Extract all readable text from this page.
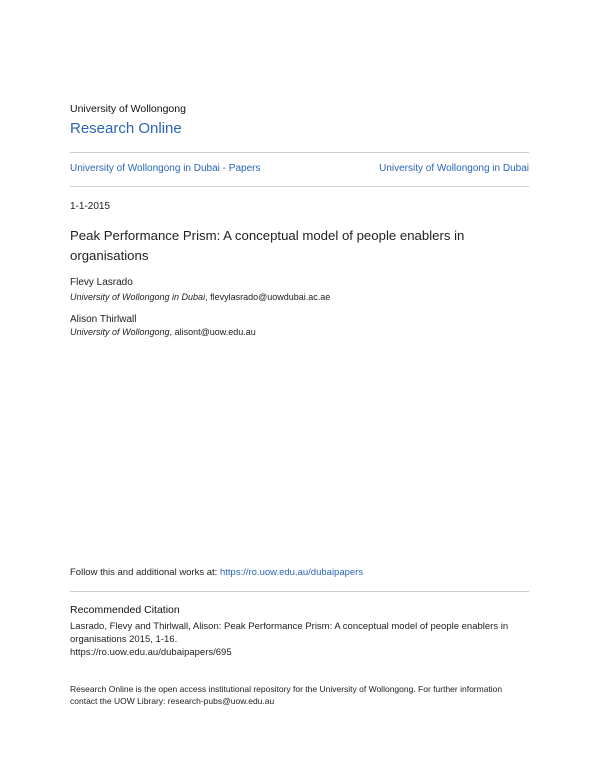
University of Wollongong
Research Online
University of Wollongong in Dubai - Papers	University of Wollongong in Dubai
1-1-2015
Peak Performance Prism: A conceptual model of people enablers in organisations
Flevy Lasrado
University of Wollongong in Dubai, flevylasrado@uowdubai.ac.ae
Alison Thirlwall
University of Wollongong, alisont@uow.edu.au
Follow this and additional works at: https://ro.uow.edu.au/dubaipapers
Recommended Citation
Lasrado, Flevy and Thirlwall, Alison: Peak Performance Prism: A conceptual model of people enablers in organisations 2015, 1-16.
https://ro.uow.edu.au/dubaipapers/695
Research Online is the open access institutional repository for the University of Wollongong. For further information contact the UOW Library: research-pubs@uow.edu.au
